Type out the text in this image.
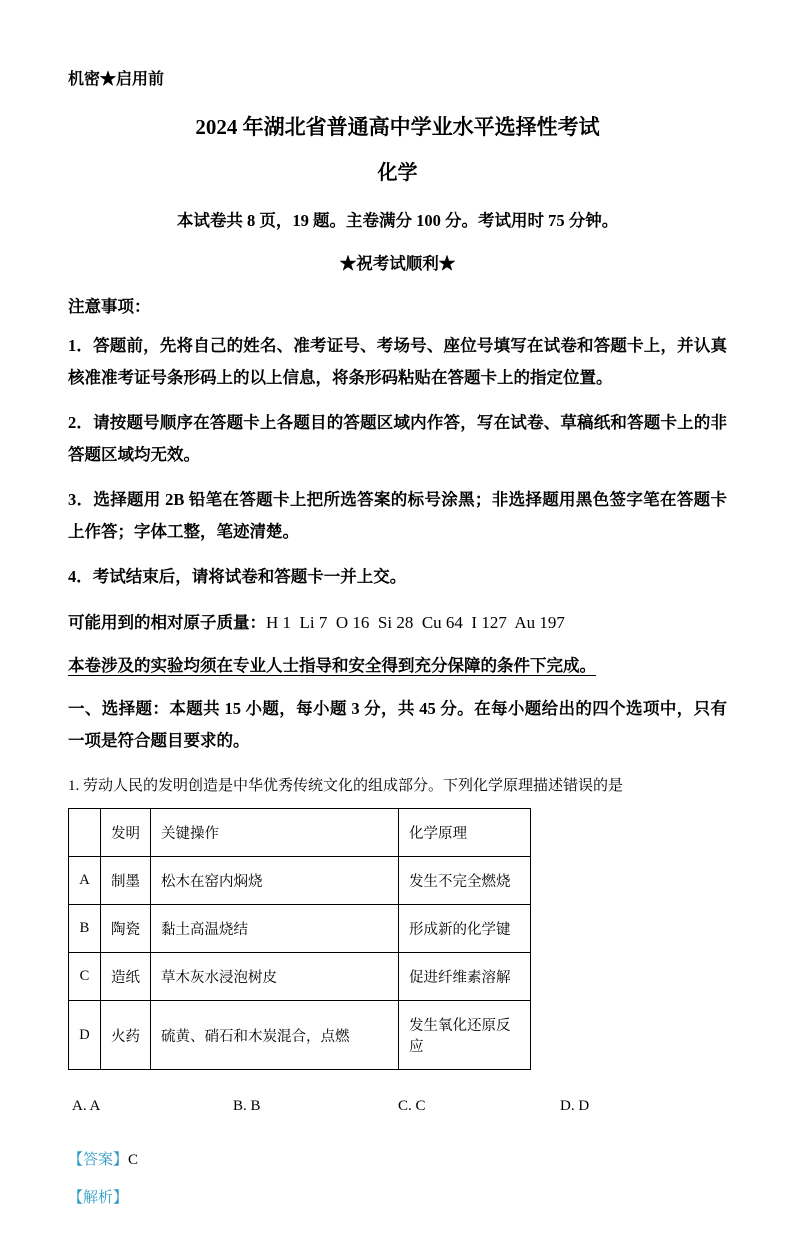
机密★启用前
2024 年湖北省普通高中学业水平选择性考试
化学

本试卷共 8 页，19 题。主卷满分 100 分。考试用时 75 分钟。

★祝考试顺利★

注意事项：

1．答题前，先将自己的姓名、准考证号、考场号、座位号填写在试卷和答题卡上，并认真核准准考证号条形码上的以上信息，将条形码粘贴在答题卡上的指定位置。

2．请按题号顺序在答题卡上各题目的答题区域内作答，写在试卷、草稿纸和答题卡上的非答题区域均无效。

3．选择题用 2B 铅笔在答题卡上把所选答案的标号涂黑；非选择题用黑色签字笔在答题卡上作答；字体工整，笔迹清楚。

4．考试结束后，请将试卷和答题卡一并上交。

可能用到的相对原子质量：H 1  Li 7  O 16  Si 28  Cu 64  I 127  Au 197

本卷涉及的实验均须在专业人士指导和安全得到充分保障的条件下完成。

一、选择题：本题共 15 小题，每小题 3 分，共 45 分。在每小题给出的四个选项中，只有一项是符合题目要求的。

1. 劳动人民的发明创造是中华优秀传统文化的组成部分。下列化学原理描述错误的是

	发明	关键操作	化学原理
A	制墨	松木在窑内焖烧	发生不完全燃烧
B	陶瓷	黏土高温烧结	形成新的化学键
C	造纸	草木灰水浸泡树皮	促进纤维素溶解
D	火药	硫黄、硝石和木炭混合，点燃	发生氧化还原反应
A. A	B. B	C. C	D. D

【答案】C

【解析】
